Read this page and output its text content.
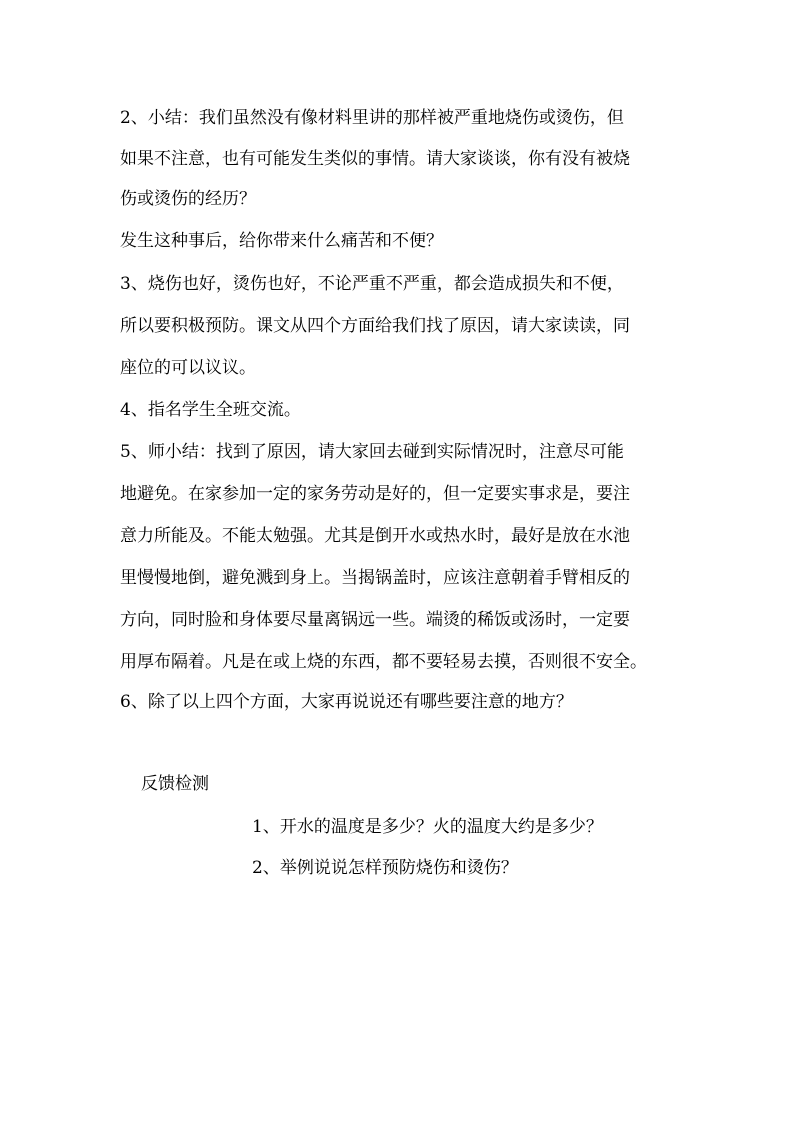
2、小结：我们虽然没有像材料里讲的那样被严重地烧伤或烫伤，但
如果不注意，也有可能发生类似的事情。请大家谈谈，你有没有被烧
伤或烫伤的经历？
发生这种事后，给你带来什么痛苦和不便？
3、烧伤也好，烫伤也好，不论严重不严重，都会造成损失和不便，
所以要积极预防。课文从四个方面给我们找了原因，请大家读读，同
座位的可以议议。
4、指名学生全班交流。
5、师小结：找到了原因，请大家回去碰到实际情况时，注意尽可能
地避免。在家参加一定的家务劳动是好的，但一定要实事求是，要注
意力所能及。不能太勉强。尤其是倒开水或热水时，最好是放在水池
里慢慢地倒，避免溅到身上。当揭锅盖时，应该注意朝着手臂相反的
方向，同时脸和身体要尽量离锅远一些。端烫的稀饭或汤时，一定要
用厚布隔着。凡是在或上烧的东西，都不要轻易去摸，否则很不安全。
6、除了以上四个方面，大家再说说还有哪些要注意的地方？
反馈检测
1、开水的温度是多少？火的温度大约是多少？
2、举例说说怎样预防烧伤和烫伤？
